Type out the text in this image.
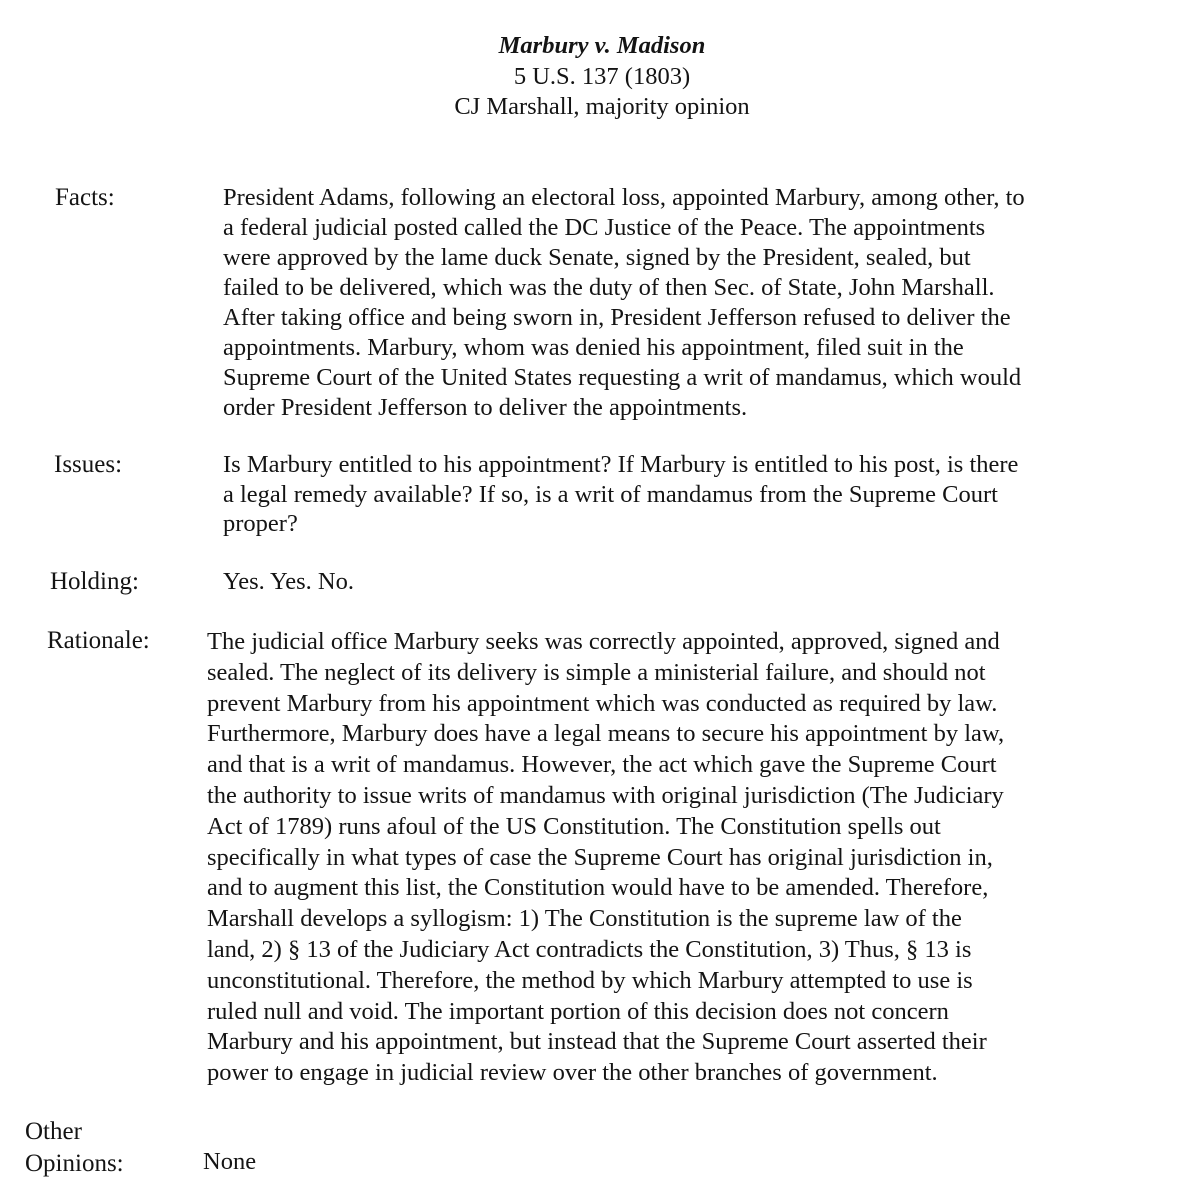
Marbury v. Madison
5 U.S. 137 (1803)
CJ Marshall, majority opinion
Facts:	President Adams, following an electoral loss, appointed Marbury, among other, to
a federal judicial posted called the DC Justice of the Peace. The appointments
were approved by the lame duck Senate, signed by the President, sealed, but
failed to be delivered, which was the duty of then Sec. of State, John Marshall.
After taking office and being sworn in, President Jefferson refused to deliver the
appointments. Marbury, whom was denied his appointment, filed suit in the
Supreme Court of the United States requesting a writ of mandamus, which would
order President Jefferson to deliver the appointments.
Issues:	Is Marbury entitled to his appointment? If Marbury is entitled to his post, is there
a legal remedy available? If so, is a writ of mandamus from the Supreme Court
proper?
Holding:	Yes. Yes. No.
Rationale: The judicial office Marbury seeks was correctly appointed, approved, signed and
sealed. The neglect of its delivery is simple a ministerial failure, and should not
prevent Marbury from his appointment which was conducted as required by law.
Furthermore, Marbury does have a legal means to secure his appointment by law,
and that is a writ of mandamus. However, the act which gave the Supreme Court
the authority to issue writs of mandamus with original jurisdiction (The Judiciary
Act of 1789) runs afoul of the US Constitution. The Constitution spells out
specifically in what types of case the Supreme Court has original jurisdiction in,
and to augment this list, the Constitution would have to be amended. Therefore,
Marshall develops a syllogism: 1) The Constitution is the supreme law of the
land, 2) § 13 of the Judiciary Act contradicts the Constitution, 3) Thus, § 13 is
unconstitutional. Therefore, the method by which Marbury attempted to use is
ruled null and void. The important portion of this decision does not concern
Marbury and his appointment, but instead that the Supreme Court asserted their
power to engage in judicial review over the other branches of government.
Other
Opinions:	None
